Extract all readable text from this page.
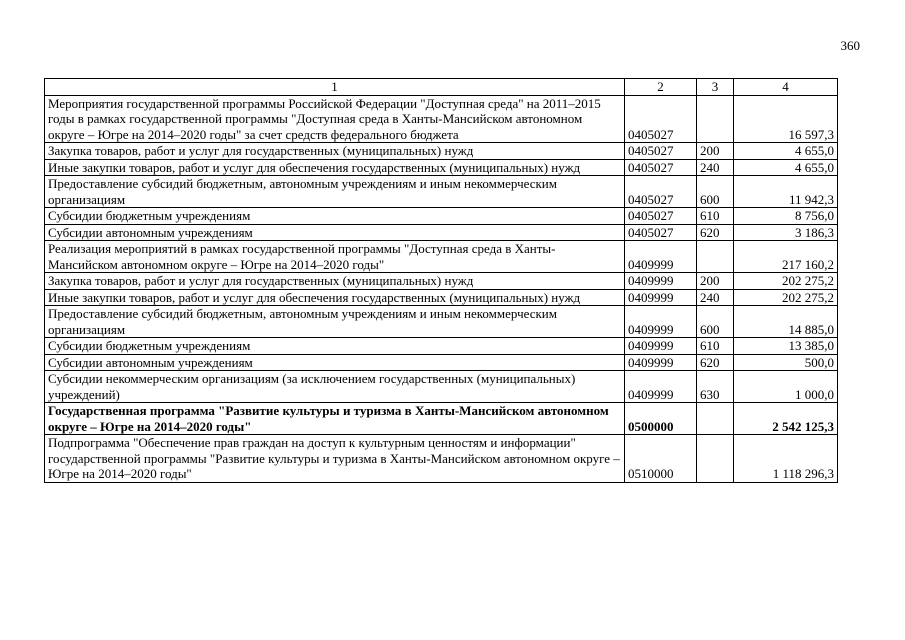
360
1	2	3	4
Мероприятия государственной программы Российской Федерации "Доступная среда" на 2011–2015 годы в рамках государственной программы "Доступная среда в Ханты-Мансийском автономном округе – Югре на 2014–2020 годы" за счет средств федерального бюджета	0405027		16 597,3
Закупка товаров, работ и услуг для государственных (муниципальных) нужд	0405027	200	4 655,0
Иные закупки товаров, работ и услуг для обеспечения государственных (муниципальных) нужд	0405027	240	4 655,0
Предоставление субсидий бюджетным, автономным учреждениям и иным некоммерческим организациям	0405027	600	11 942,3
Субсидии бюджетным учреждениям	0405027	610	8 756,0
Субсидии автономным учреждениям	0405027	620	3 186,3
Реализация мероприятий в рамках государственной программы "Доступная среда в Ханты-Мансийском автономном округе – Югре на 2014–2020 годы"	0409999		217 160,2
Закупка товаров, работ и услуг для государственных (муниципальных) нужд	0409999	200	202 275,2
Иные закупки товаров, работ и услуг для обеспечения государственных (муниципальных) нужд	0409999	240	202 275,2
Предоставление субсидий бюджетным, автономным учреждениям и иным некоммерческим организациям	0409999	600	14 885,0
Субсидии бюджетным учреждениям	0409999	610	13 385,0
Субсидии автономным учреждениям	0409999	620	500,0
Субсидии некоммерческим организациям (за исключением государственных (муниципальных) учреждений)	0409999	630	1 000,0
Государственная программа "Развитие культуры и туризма в Ханты-Мансийском автономном округе – Югре на 2014–2020 годы"	0500000		2 542 125,3
Подпрограмма "Обеспечение прав граждан на доступ к культурным ценностям и информации" государственной программы "Развитие культуры и туризма в Ханты-Мансийском автономном округе – Югре на 2014–2020 годы"	0510000		1 118 296,3
